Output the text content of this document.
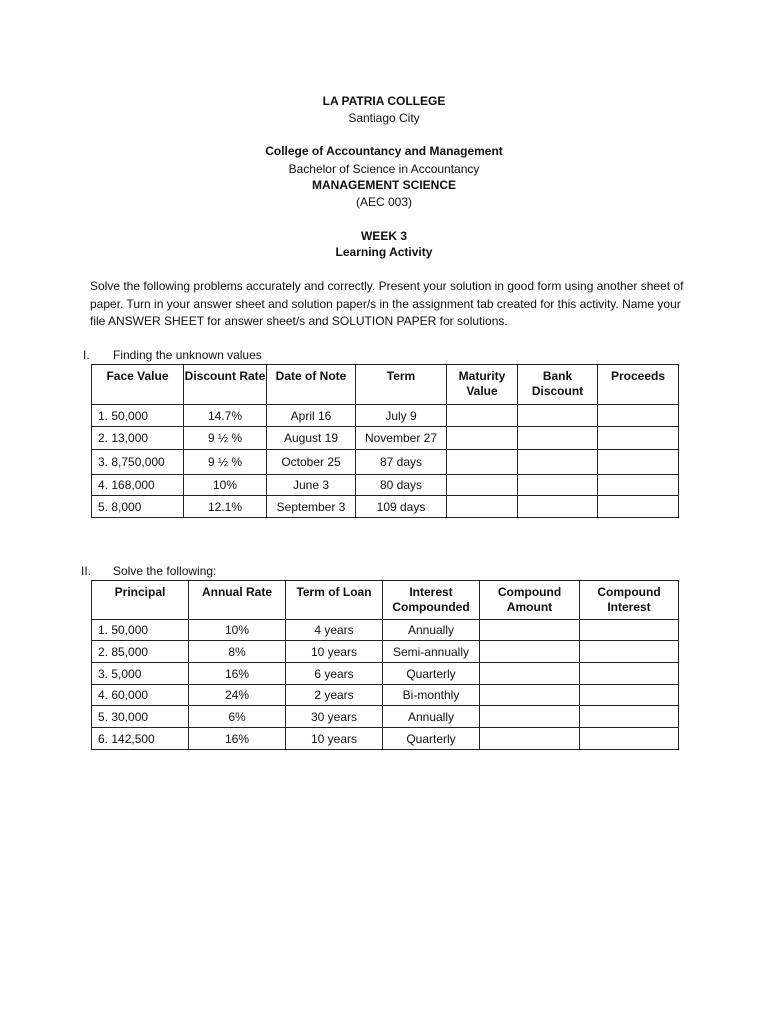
LA PATRIA COLLEGE
Santiago City
College of Accountancy and Management
Bachelor of Science in Accountancy
MANAGEMENT SCIENCE
(AEC 003)
WEEK 3
Learning Activity
Solve the following problems accurately and correctly. Present your solution in good form using another sheet of paper. Turn in your answer sheet and solution paper/s in the assignment tab created for this activity. Name your file ANSWER SHEET for answer sheet/s and SOLUTION PAPER for solutions.
I. Finding the unknown values
Face Value	Discount Rate	Date of Note	Term	Maturity Value	Bank Discount	Proceeds
1. 50,000	14.7%	April 16	July 9			
2. 13,000	9 ½ %	August 19	November 27			
3. 8,750,000	9 ½ %	October 25	87 days			
4. 168,000	10%	June 3	80 days			
5. 8,000	12.1%	September 3	109 days			
II. Solve the following:
Principal	Annual Rate	Term of Loan	Interest Compounded	Compound Amount	Compound Interest
1. 50,000	10%	4 years	Annually		
2. 85,000	8%	10 years	Semi-annually		
3. 5,000	16%	6 years	Quarterly		
4. 60,000	24%	2 years	Bi-monthly		
5. 30,000	6%	30 years	Annually		
6. 142,500	16%	10 years	Quarterly		
